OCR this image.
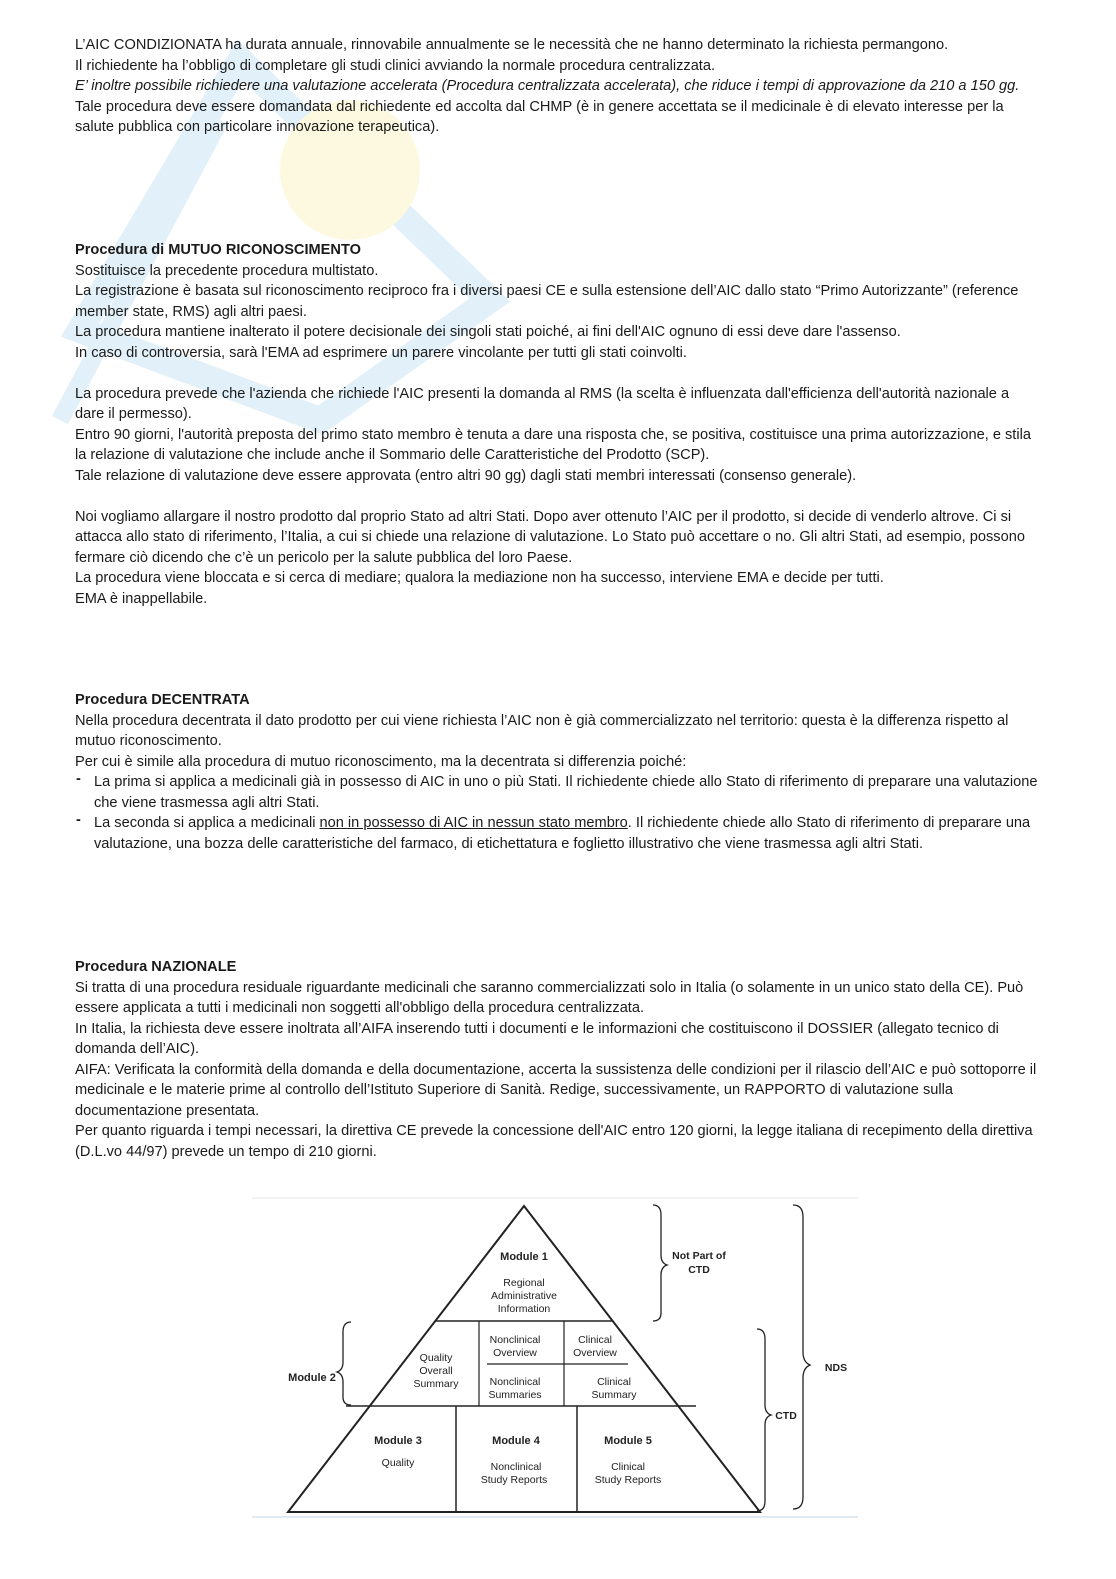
L’AIC CONDIZIONATA ha durata annuale, rinnovabile annualmente se le necessità che ne hanno determinato la richiesta permangono.

Il richiedente ha l’obbligo di completare gli studi clinici avviando la normale procedura centralizzata.

E’ inoltre possibile richiedere una valutazione accelerata (Procedura centralizzata accelerata), che riduce i tempi di approvazione da 210 a 150 gg.

Tale procedura deve essere domandata dal richiedente ed accolta dal CHMP (è in genere accettata se il medicinale è di elevato interesse per la salute pubblica con particolare innovazione terapeutica).

Procedura di MUTUO RICONOSCIMENTO

Sostituisce la precedente procedura multistato.

La registrazione è basata sul riconoscimento reciproco fra i diversi paesi CE e sulla estensione dell’AIC dallo stato “Primo Autorizzante” (reference member state, RMS) agli altri paesi.

La procedura mantiene inalterato il potere decisionale dei singoli stati poiché, ai fini dell'AIC ognuno di essi deve dare l'assenso.

In caso di controversia, sarà l'EMA ad esprimere un parere vincolante per tutti gli stati coinvolti.

La procedura prevede che l'azienda che richiede l'AIC presenti la domanda al RMS (la scelta è influenzata dall'efficienza dell'autorità nazionale a dare il permesso).

Entro 90 giorni, l'autorità preposta del primo stato membro è tenuta a dare una risposta che, se positiva, costituisce una prima autorizzazione, e stila la relazione di valutazione che include anche il Sommario delle Caratteristiche del Prodotto (SCP).

Tale relazione di valutazione deve essere approvata (entro altri 90 gg) dagli stati membri interessati (consenso generale).

Noi vogliamo allargare il nostro prodotto dal proprio Stato ad altri Stati. Dopo aver ottenuto l’AIC per il prodotto, si decide di venderlo altrove. Ci si attacca allo stato di riferimento, l’Italia, a cui si chiede una relazione di valutazione. Lo Stato può accettare o no. Gli altri Stati, ad esempio, possono fermare ciò dicendo che c’è un pericolo per la salute pubblica del loro Paese.

La procedura viene bloccata e si cerca di mediare; qualora la mediazione non ha successo, interviene EMA e decide per tutti.

EMA è inappellabile.

Procedura DECENTRATA

Nella procedura decentrata il dato prodotto per cui viene richiesta l’AIC non è già commercializzato nel territorio: questa è la differenza rispetto al mutuo riconoscimento.

Per cui è simile alla procedura di mutuo riconoscimento, ma la decentrata si differenzia poiché:

- La prima si applica a medicinali già in possesso di AIC in uno o più Stati. Il richiedente chiede allo Stato di riferimento di preparare una valutazione che viene trasmessa agli altri Stati.
- La seconda si applica a medicinali non in possesso di AIC in nessun stato membro. Il richiedente chiede allo Stato di riferimento di preparare una valutazione, una bozza delle caratteristiche del farmaco, di etichettatura e foglietto illustrativo che viene trasmessa agli altri Stati.
Procedura NAZIONALE

Si tratta di una procedura residuale riguardante medicinali che saranno commercializzati solo in Italia (o solamente in un unico stato della CE). Può essere applicata a tutti i medicinali non soggetti all'obbligo della procedura centralizzata.

In Italia, la richiesta deve essere inoltrata all’AIFA inserendo tutti i documenti e le informazioni che costituiscono il DOSSIER (allegato tecnico di domanda dell’AIC).

AIFA: Verificata la conformità della domanda e della documentazione, accerta la sussistenza delle condizioni per il rilascio dell’AIC e può sottoporre il medicinale e le materie prime al controllo dell’Istituto Superiore di Sanità. Redige, successivamente, un RAPPORTO di valutazione sulla documentazione presentata.

Per quanto riguarda i tempi necessari, la direttiva CE prevede la concessione dell'AIC entro 120 giorni, la legge italiana di recepimento della direttiva (D.L.vo 44/97) prevede un tempo di 210 giorni.

Module 1
Regional
Administrative
Information
Quality
Overall
Summary
Nonclinical
Overview
Clinical
Overview
Nonclinical
Summaries
Clinical
Summary
Module 3
Quality
Module 4
Nonclinical
Study Reports
Module 5
Clinical
Study Reports
Module 2
Not Part of
CTD
CTD
NDS
